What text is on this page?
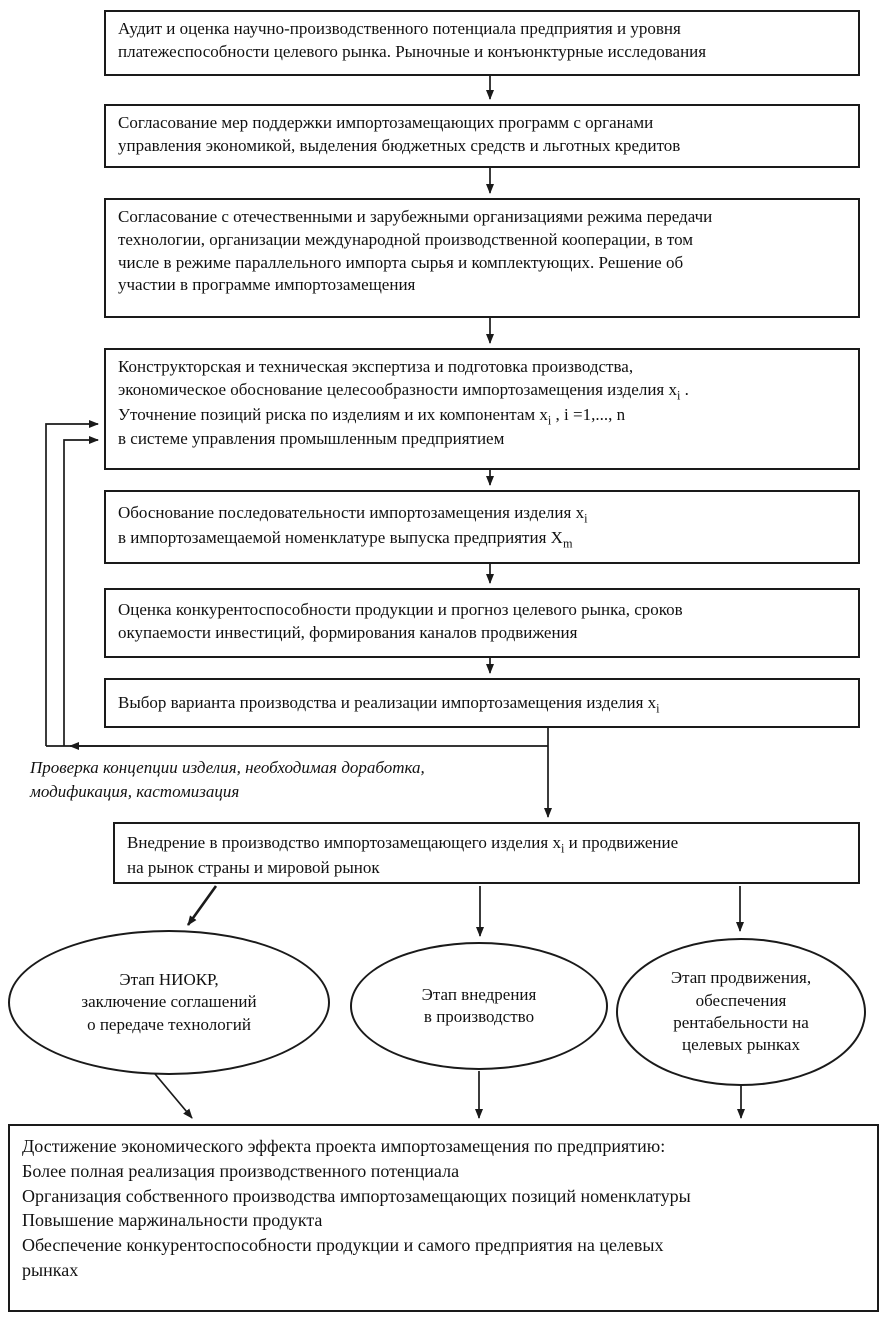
Аудит и оценка научно-производственного потенциала предприятия и уровня
платежеспособности целевого рынка. Рыночные и конъюнктурные исследования
Согласование мер поддержки импортозамещающих программ с органами
управления экономикой, выделения бюджетных средств и льготных кредитов
Согласование с отечественными и зарубежными организациями режима передачи
технологии, организации международной производственной кооперации, в том
числе в режиме параллельного импорта сырья и комплектующих. Решение об
участии в программе импортозамещения
Конструкторская и техническая экспертиза и подготовка производства,
экономическое обоснование целесообразности импортозамещения изделия $x_i$ .
Уточнение позиций риска по изделиям и их компонентам $x_i$ , i =1,..., n
в системе управления промышленным предприятием
Обоснование последовательности импортозамещения изделия $x_i$
в импортозамещаемой номенклатуре выпуска предприятия $X_m$
Оценка конкурентоспособности продукции и прогноз целевого рынка, сроков
окупаемости инвестиций, формирования каналов продвижения
Выбор варианта производства и реализации импортозамещения изделия $x_i$
Проверка концепции изделия, необходимая доработка,
модификация, кастомизация
Внедрение в производство импортозамещающего изделия $x_i$ и продвижение
на рынок страны и мировой рынок
Этап НИОКР,
заключение соглашений
о передаче технологий
Этап внедрения
в производство
Этап продвижения,
обеспечения
рентабельности на
целевых рынках
Достижение экономического эффекта проекта импортозамещения по предприятию:
Более полная реализация производственного потенциала
Организация собственного производства импортозамещающих позиций номенклатуры
Повышение маржинальности продукта
Обеспечение конкурентоспособности продукции и самого предприятия на целевых
рынках
